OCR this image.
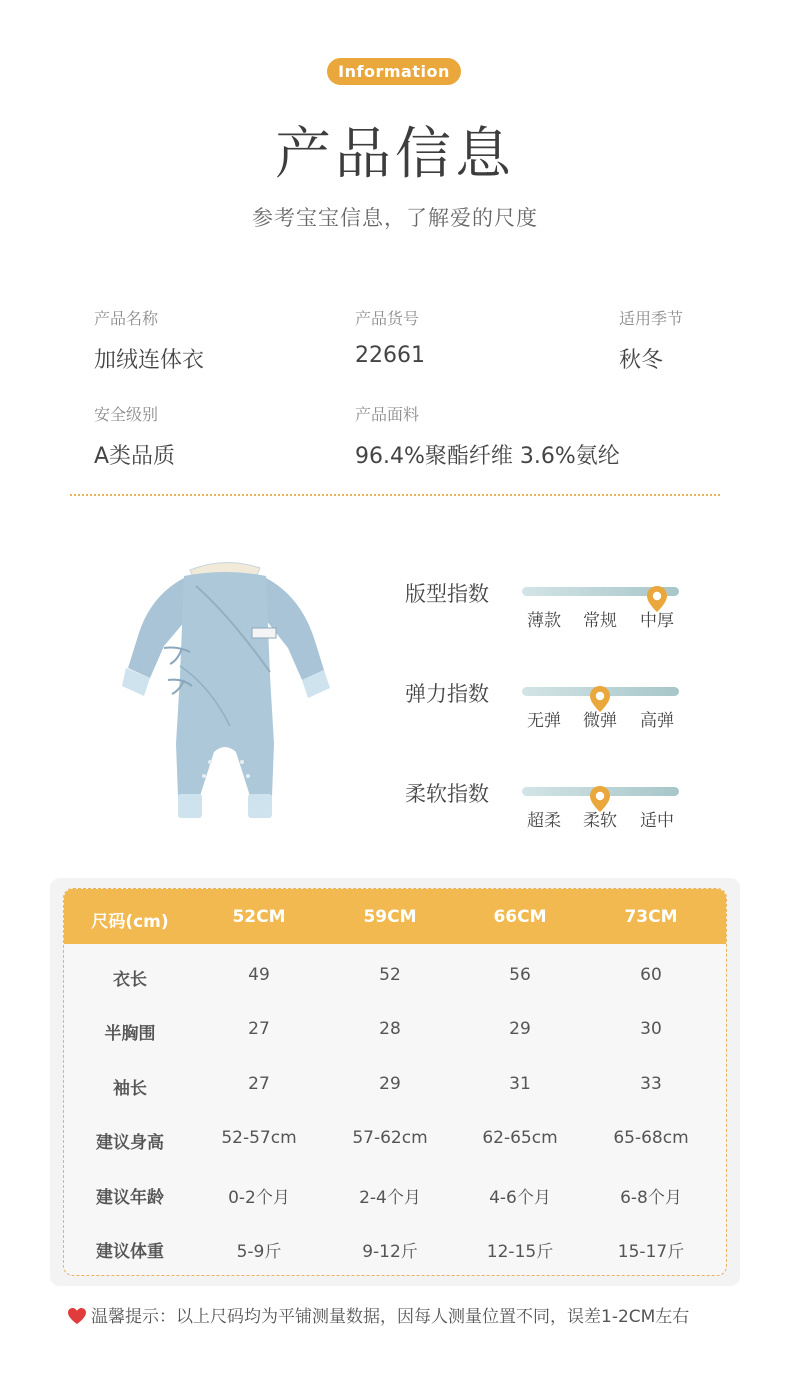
Information
产品信息
参考宝宝信息，了解爱的尺度
产品名称
加绒连体衣
产品货号
22661
适用季节
秋冬
安全级别
A类品质
产品面料
96.4%聚酯纤维 3.6%氨纶
版型指数
薄款 常规 中厚
弹力指数
无弹 微弹 高弹
柔软指数
超柔 柔软 适中
尺码(cm)	52CM	59CM	66CM	73CM
衣长	49	52	56	60
半胸围	27	28	29	30
袖长	27	29	31	33
建议身高	52-57cm	57-62cm	62-65cm	65-68cm
建议年龄	0-2个月	2-4个月	4-6个月	6-8个月
建议体重	5-9斤	9-12斤	12-15斤	15-17斤
温馨提示：以上尺码均为平铺测量数据，因每人测量位置不同，误差1-2CM左右
